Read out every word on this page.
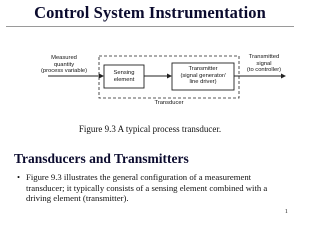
Control System Instrumentation
Measured
quantity
(process variable)	Sensing
element
Transmitter
(signal generator/
line driver)
Transmitted
signal
(to controller)
Transducer
Figure 9.3 A typical process transducer.
Transducers and Transmitters
• Figure 9.3 illustrates the general configuration of a measurement transducer; it typically consists of a sensing element combined with a driving element (transmitter).
1
